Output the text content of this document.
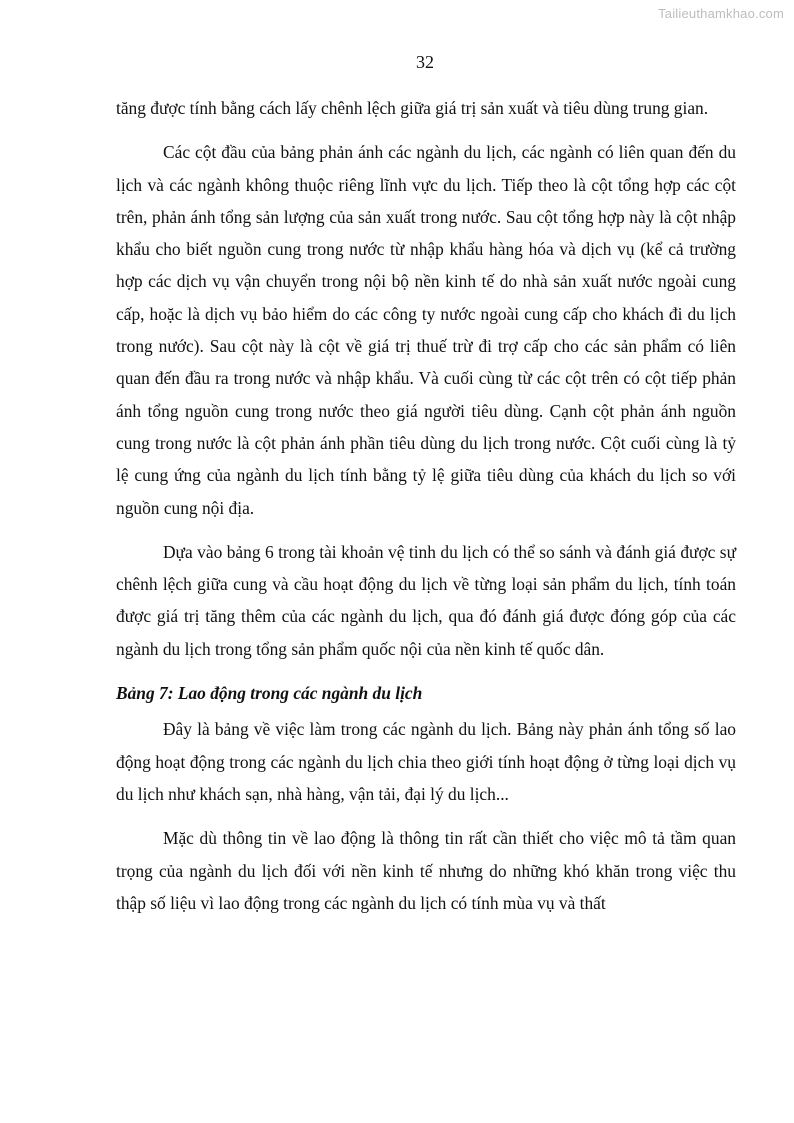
Tailieuthamkhao.com
32

tăng được tính bằng cách lấy chênh lệch giữa giá trị sản xuất và tiêu dùng trung gian.

Các cột đầu của bảng phản ánh các ngành du lịch, các ngành có liên quan đến du lịch và các ngành không thuộc riêng lĩnh vực du lịch. Tiếp theo là cột tổng hợp các cột trên, phản ánh tổng sản lượng của sản xuất trong nước. Sau cột tổng hợp này là cột nhập khẩu cho biết nguồn cung trong nước từ nhập khẩu hàng hóa và dịch vụ (kể cả trường hợp các dịch vụ vận chuyển trong nội bộ nền kinh tế do nhà sản xuất nước ngoài cung cấp, hoặc là dịch vụ bảo hiểm do các công ty nước ngoài cung cấp cho khách đi du lịch trong nước). Sau cột này là cột về giá trị thuế trừ đi trợ cấp cho các sản phẩm có liên quan đến đầu ra trong nước và nhập khẩu. Và cuối cùng từ các cột trên có cột tiếp phản ánh tổng nguồn cung trong nước theo giá người tiêu dùng. Cạnh cột phản ánh nguồn cung trong nước là cột phản ánh phần tiêu dùng du lịch trong nước. Cột cuối cùng là tỷ lệ cung ứng của ngành du lịch tính bằng tỷ lệ giữa tiêu dùng của khách du lịch so với nguồn cung nội địa.

Dựa vào bảng 6 trong tài khoản vệ tinh du lịch có thể so sánh và đánh giá được sự chênh lệch giữa cung và cầu hoạt động du lịch về từng loại sản phẩm du lịch, tính toán được giá trị tăng thêm của các ngành du lịch, qua đó đánh giá được đóng góp của các ngành du lịch trong tổng sản phẩm quốc nội của nền kinh tế quốc dân.

Bảng 7: Lao động trong các ngành du lịch

Đây là bảng về việc làm trong các ngành du lịch. Bảng này phản ánh tổng số lao động hoạt động trong các ngành du lịch chia theo giới tính hoạt động ở từng loại dịch vụ du lịch như khách sạn, nhà hàng, vận tải, đại lý du lịch...

Mặc dù thông tin về lao động là thông tin rất cần thiết cho việc mô tả tầm quan trọng của ngành du lịch đối với nền kinh tế nhưng do những khó khăn trong việc thu thập số liệu vì lao động trong các ngành du lịch có tính mùa vụ và thất
